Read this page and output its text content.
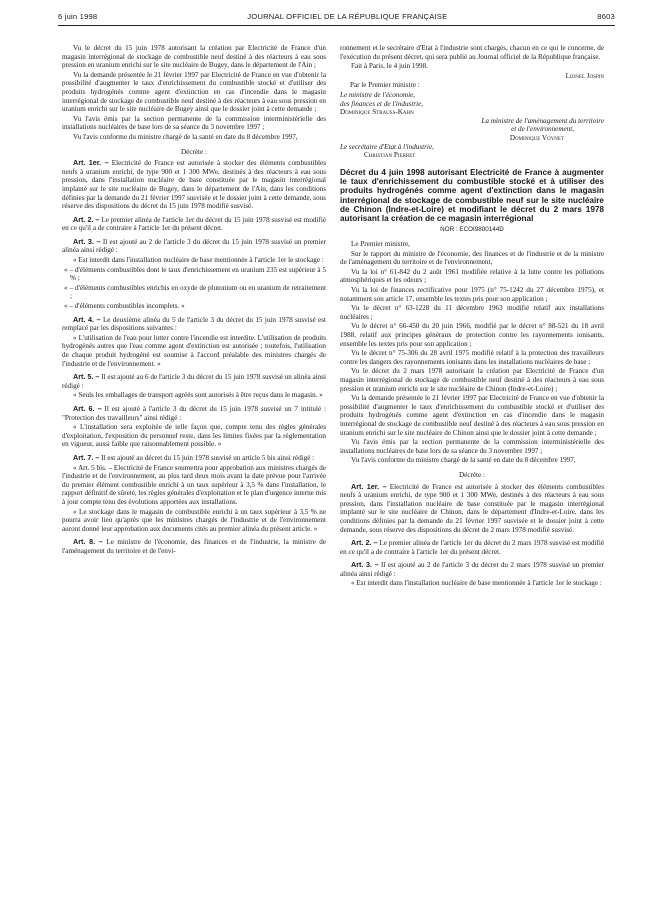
6 juin 1998	JOURNAL OFFICIEL DE LA RÉPUBLIQUE FRANÇAISE	8603

Vu le décret du 15 juin 1978 autorisant la création par Electricité de France d'un magasin interrégional de stockage de combustible neuf destiné à des réacteurs à eau sous pression en uranium enrichi sur le site nucléaire de Bugey, dans le département de l'Ain ;

Vu la demande présentée le 21 février 1997 par Electricité de France en vue d'obtenir la possibilité d'augmenter le taux d'enrichissement du combustible stocké et d'utiliser des produits hydrogénés comme agent d'extinction en cas d'incendie dans le magasin interrégional de stockage de combustible neuf destiné à des réacteurs à eau sous pression en uranium enrichi sur le site nucléaire de Bugey ainsi que le dossier joint à cette demande ;

Vu l'avis émis par la section permanente de la commission interministérielle des installations nucléaires de base lors de sa séance du 3 novembre 1997 ;

Vu l'avis conforme du ministre chargé de la santé en date du 8 décembre 1997,

Décrète :

Art. 1er. – Electricité de France est autorisée à stocker des éléments combustibles neufs à uranium enrichi, de type 900 et 1 300 MWe, destinés à des réacteurs à eau sous pression, dans l'installation nucléaire de base constituée par le magasin interrégional implanté sur le site nucléaire de Bugey, dans le département de l'Ain, dans les conditions définies par la demande du 21 février 1997 susvisée et le dossier joint à cette demande, sous réserve des dispositions du décret du 15 juin 1978 modifié susvisé.

Art. 2. – Le premier alinéa de l'article 1er du décret du 15 juin 1978 susvisé est modifié en ce qu'il a de contraire à l'article 1er du présent décret.

Art. 3. – Il est ajouté au 2 de l'article 3 du décret du 15 juin 1978 susvisé un premier alinéa ainsi rédigé :

« Est interdit dans l'installation nucléaire de base mentionnée à l'article 1er le stockage :

« – d'éléments combustibles dont le taux d'enrichissement en uranium 235 est supérieur à 5 % ;

« – d'éléments combustibles enrichis en oxyde de plutonium ou en uranium de retraitement ;

« – d'éléments combustibles incomplets. »

Art. 4. – Le deuxième alinéa du 5 de l'article 3 du décret du 15 juin 1978 susvisé est remplacé par les dispositions suivantes :

« L'utilisation de l'eau pour lutter contre l'incendie est interdite. L'utilisation de produits hydrogénés autres que l'eau comme agent d'extinction est autorisée ; toutefois, l'utilisation de chaque produit hydrogéné est soumise à l'accord préalable des ministres chargés de l'industrie et de l'environnement. »

Art. 5. – Il est ajouté au 6 de l'article 3 du décret du 15 juin 1978 susvisé un alinéa ainsi rédigé :

« Seuls les emballages de transport agréés sont autorisés à être reçus dans le magasin. »

Art. 6. – Il est ajouté à l'article 3 du décret du 15 juin 1978 susvisé un 7 intitulé : "Protection des travailleurs" ainsi rédigé :

« L'installation sera exploitée de telle façon que, compte tenu des règles générales d'exploitation, l'exposition du personnel reste, dans les limites fixées par la réglementation en vigueur, aussi faible que raisonnablement possible. »

Art. 7. – Il est ajouté au décret du 15 juin 1978 susvisé un article 5 bis ainsi rédigé :

« Art. 5 bis. – Electricité de France soumettra pour approbation aux ministres chargés de l'industrie et de l'environnement, au plus tard deux mois avant la date prévue pour l'arrivée du premier élément combustible enrichi à un taux supérieur à 3,5 % dans l'installation, le rapport définitif de sûreté, les règles générales d'exploitation et le plan d'urgence interne mis à jour compte tenu des évolutions apportées aux installations.

« Le stockage dans le magasin de combustible enrichi à un taux supérieur à 3,5 % ne pourra avoir lieu qu'après que les ministres chargés de l'industrie et de l'environnement auront donné leur approbation aux documents cités au premier alinéa du présent article. »

Art. 8. – Le ministre de l'économie, des finances et de l'industrie, la ministre de l'aménagement du territoire et de l'envi-

ronnement et le secrétaire d'Etat à l'industrie sont chargés, chacun en ce qui le concerne, de l'exécution du présent décret, qui sera publié au Journal officiel de la République française.

Fait à Paris, le 4 juin 1998.

Lionel Jospin

Par le Premier ministre :

Le ministre de l'économie,

des finances et de l'industrie,

Dominique Strauss-Kahn

La ministre de l'aménagement du territoire

et de l'environnement,

Dominique Voynet

Le secrétaire d'Etat à l'industrie,

Christian Pierret

Décret du 4 juin 1998 autorisant Electricité de France à augmenter le taux d'enrichissement du combustible stocké et à utiliser des produits hydrogénés comme agent d'extinction dans le magasin interrégional de stockage de combustible neuf sur le site nucléaire de Chinon (Indre-et-Loire) et modifiant le décret du 2 mars 1978 autorisant la création de ce magasin interrégional
NOR : ECOI9800144D

Le Premier ministre,

Sur le rapport du ministre de l'économie, des finances et de l'industrie et de la ministre de l'aménagement du territoire et de l'environnement,

Vu la loi n° 61-842 du 2 août 1961 modifiée relative à la lutte contre les pollutions atmosphériques et les odeurs ;

Vu la loi de finances rectificative pour 1975 (n° 75-1242 du 27 décembre 1975), et notamment son article 17, ensemble les textes pris pour son application ;

Vu le décret n° 63-1228 du 11 décembre 1963 modifié relatif aux installations nucléaires ;

Vu le décret n° 66-450 du 20 juin 1966, modifié par le décret n° 88-521 du 18 avril 1988, relatif aux principes généraux de protection contre les rayonnements ionisants, ensemble les textes pris pour son application ;

Vu le décret n° 75-306 du 28 avril 1975 modifié relatif à la protection des travailleurs contre les dangers des rayonnements ionisants dans les installations nucléaires de base ;

Vu le décret du 2 mars 1978 autorisant la création par Electricité de France d'un magasin interrégional de stockage de combustible neuf destiné à des réacteurs à eau sous pression et uranium enrichi sur le site nucléaire de Chinon (Indre-et-Loire) ;

Vu la demande présentée le 21 février 1997 par Electricité de France en vue d'obtenir la possibilité d'augmenter le taux d'enrichissement du combustible stocké et d'utiliser des produits hydrogénés comme agent d'extinction en cas d'incendie dans le magasin interrégional de stockage de combustible neuf destiné à des réacteurs à eau sous pression en uranium enrichi sur le site nucléaire de Chinon ainsi que le dossier joint à cette demande ;

Vu l'avis émis par la section permanente de la commission interministérielle des installations nucléaires de base lors de sa séance du 3 novembre 1997 ;

Vu l'avis conforme du ministre chargé de la santé en date du 8 décembre 1997,

Décrète :

Art. 1er. – Electricité de France est autorisée à stocker des éléments combustibles neufs à uranium enrichi, de type 900 et 1 300 MWe, destinés à des réacteurs à eau sous pression, dans l'installation nucléaire de base constituée par le magasin interrégional implanté sur le site nucléaire de Chinon, dans le département d'Indre-et-Loire, dans les conditions définies par la demande du 21 février 1997 susvisée et le dossier joint à cette demande, sous réserve des dispositions du décret du 2 mars 1978 modifié susvisé.

Art. 2. – Le premier alinéa de l'article 1er du décret du 2 mars 1978 susvisé est modifié en ce qu'il a de contraire à l'article 1er du présent décret.

Art. 3. – Il est ajouté au 2 de l'article 3 du décret du 2 mars 1978 susvisé un premier alinéa ainsi rédigé :

« Est interdit dans l'installation nucléaire de base mentionnée à l'article 1er le stockage :
